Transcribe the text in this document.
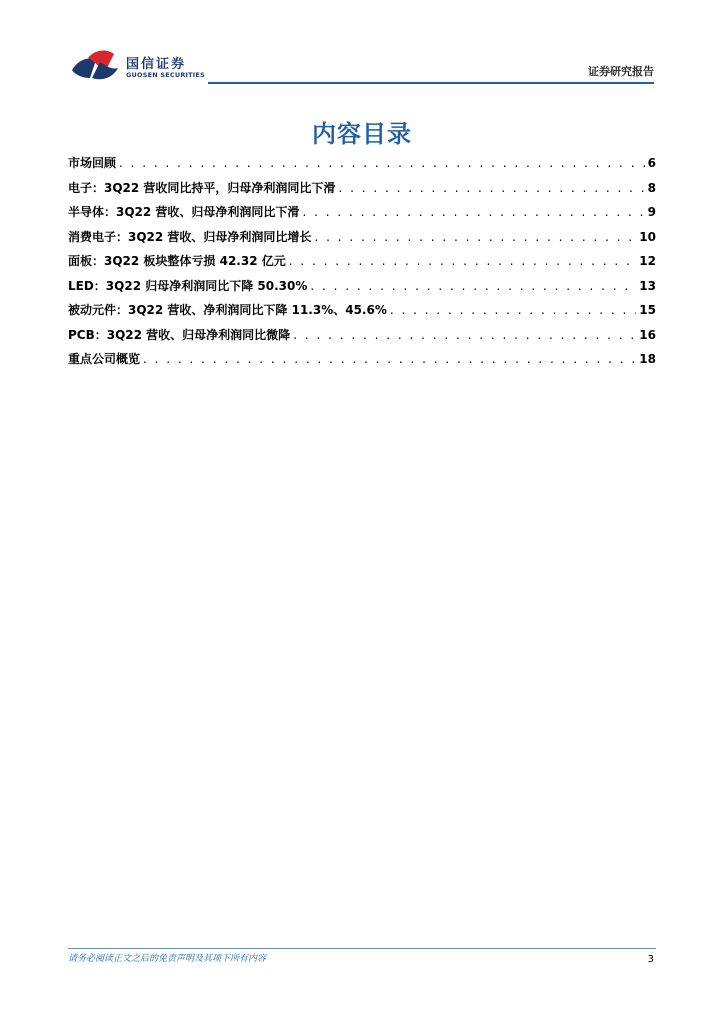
国信证券
GUOSEN SECURITIES	证券研究报告
内容目录
市场回顾 . . .	6
电子：3Q22 营收同比持平，归母净利润同比下滑 . . .	8
半导体：3Q22 营收、归母净利润同比下滑 . . .	9
消费电子：3Q22 营收、归母净利润同比增长 . . .	10
面板：3Q22 板块整体亏损 42.32 亿元 . . .	12
LED：3Q22 归母净利润同比下降 50.30% . . .	13
被动元件：3Q22 营收、净利润同比下降 11.3%、45.6% . . .	15
PCB：3Q22 营收、归母净利润同比微降 . . .	16
重点公司概览 . . .	18
请务必阅读正文之后的免责声明及其项下所有内容	3
